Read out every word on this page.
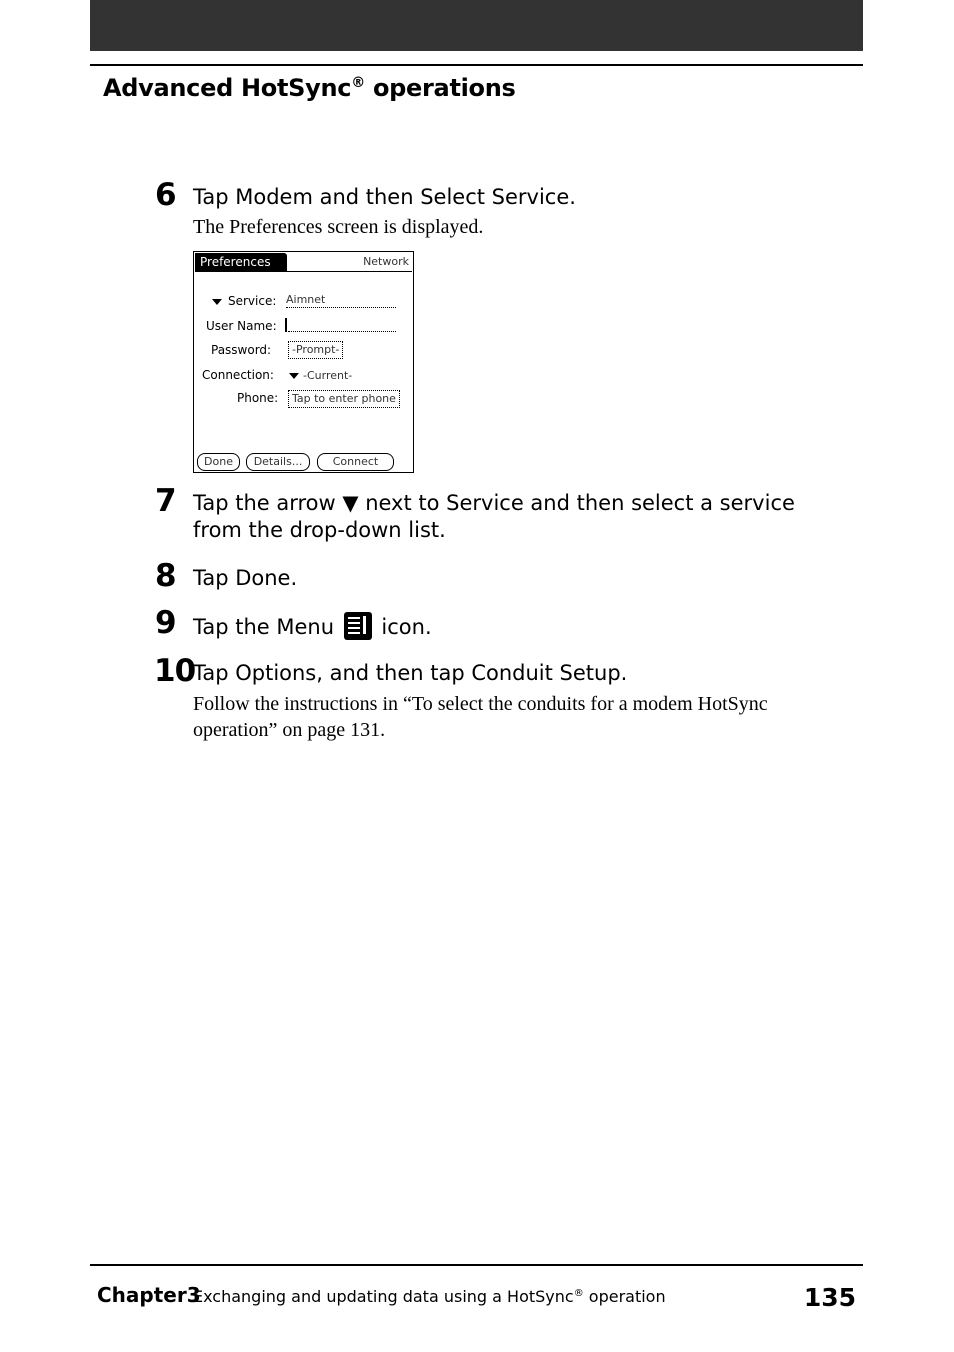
Advanced HotSync® operations
6 Tap Modem and then Select Service.
The Preferences screen is displayed.
Preferences	Network
Service: Aimnet
User Name:
Password:	-Prompt-
Connection:	-Current-
Phone:	Tap to enter phone
Done	Details...	Connect
7 Tap the arrow ▼ next to Service and then select a service
from the drop-down list.
8 Tap Done.
9 Tap the Menu icon.
10
Tap Options, and then tap Conduit Setup.
Follow the instructions in “To select the conduits for a modem HotSync
operation” on page 131.
Chapter3
Exchanging and updating data using a HotSync® operation	135
